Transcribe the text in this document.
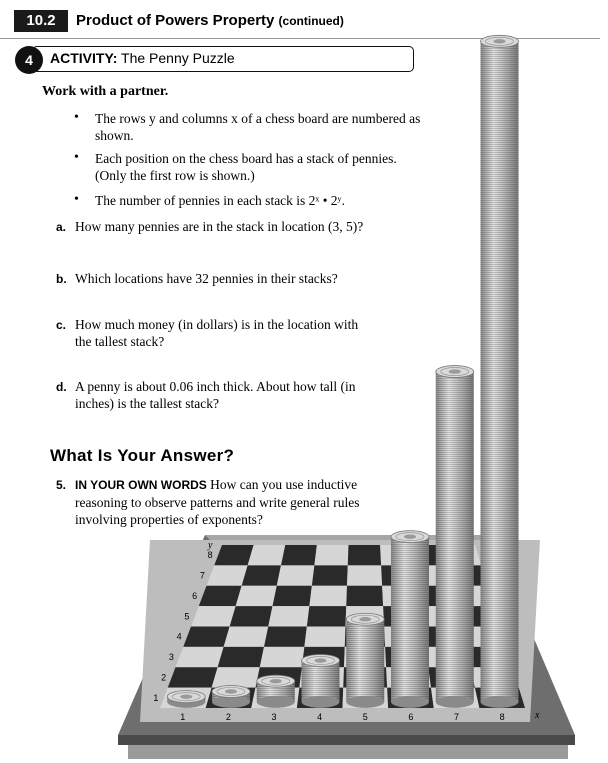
10.2	Product of Powers Property (continued)
4	ACTIVITY: The Penny Puzzle
Work with a partner.
• The rows y and columns x of a chess board are numbered as shown.
• Each position on the chess board has a stack of pennies. (Only the first row is shown.)
• The number of pennies in each stack is 2ˣ • 2ʸ.
a. How many pennies are in the stack in location (3, 5)?
b. Which locations have 32 pennies in their stacks?
c. How much money (in dollars) is in the location with the tallest stack?
d. A penny is about 0.06 inch thick. About how tall (in inches) is the tallest stack?
What Is Your Answer?
5. IN YOUR OWN WORDS How can you use inductive reasoning to observe patterns and write general rules involving properties of exponents?
1	2	3	4	5	6	7	8
1
2
3
4
5
6
7
8
x
y
